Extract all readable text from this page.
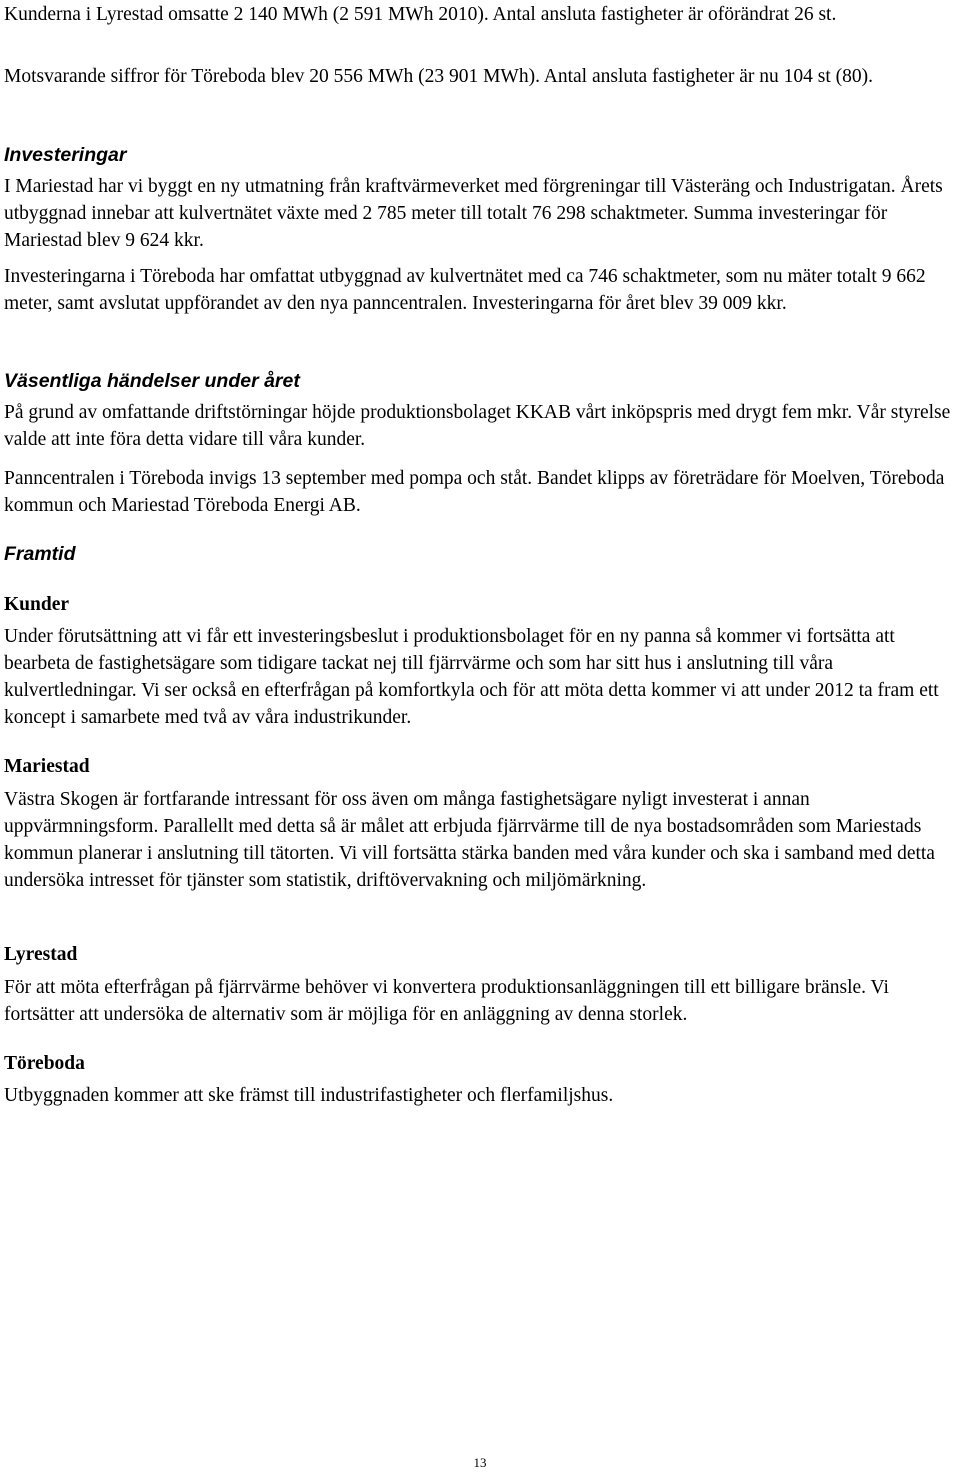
Kunderna i Lyrestad omsatte 2 140 MWh (2 591 MWh 2010). Antal ansluta fastigheter är oförändrat 26 st.

Motsvarande siffror för Töreboda blev 20 556 MWh (23 901 MWh). Antal ansluta fastigheter är nu 104 st (80).

Investeringar

I Mariestad har vi byggt en ny utmatning från kraftvärmeverket med förgreningar till Västeräng och Industrigatan. Årets utbyggnad innebar att kulvertnätet växte med 2 785 meter till totalt 76 298 schaktmeter. Summa investeringar för Mariestad blev 9 624 kkr.

Investeringarna i Töreboda har omfattat utbyggnad av kulvertnätet med ca 746 schaktmeter, som nu mäter totalt 9 662 meter, samt avslutat uppförandet av den nya panncentralen. Investeringarna för året blev 39 009 kkr.

Väsentliga händelser under året

På grund av omfattande driftstörningar höjde produktionsbolaget KKAB vårt inköpspris med drygt fem mkr. Vår styrelse valde att inte föra detta vidare till våra kunder.

Panncentralen i Töreboda invigs 13 september med pompa och ståt. Bandet klipps av företrädare för Moelven, Töreboda kommun och Mariestad Töreboda Energi AB.

Framtid
Kunder

Under förutsättning att vi får ett investeringsbeslut i produktionsbolaget för en ny panna så kommer vi fortsätta att bearbeta de fastighetsägare som tidigare tackat nej till fjärrvärme och som har sitt hus i anslutning till våra kulvertledningar. Vi ser också en efterfrågan på komfortkyla och för att möta detta kommer vi att under 2012 ta fram ett koncept i samarbete med två av våra industrikunder.

Mariestad

Västra Skogen är fortfarande intressant för oss även om många fastighetsägare nyligt investerat i annan uppvärmningsform. Parallellt med detta så är målet att erbjuda fjärrvärme till de nya bostadsområden som Mariestads kommun planerar i anslutning till tätorten. Vi vill fortsätta stärka banden med våra kunder och ska i samband med detta undersöka intresset för tjänster som statistik, driftövervakning och miljömärkning.

Lyrestad

För att möta efterfrågan på fjärrvärme behöver vi konvertera produktionsanläggningen till ett billigare bränsle. Vi fortsätter att undersöka de alternativ som är möjliga för en anläggning av denna storlek.

Töreboda

Utbyggnaden kommer att ske främst till industrifastigheter och flerfamiljshus.

13
